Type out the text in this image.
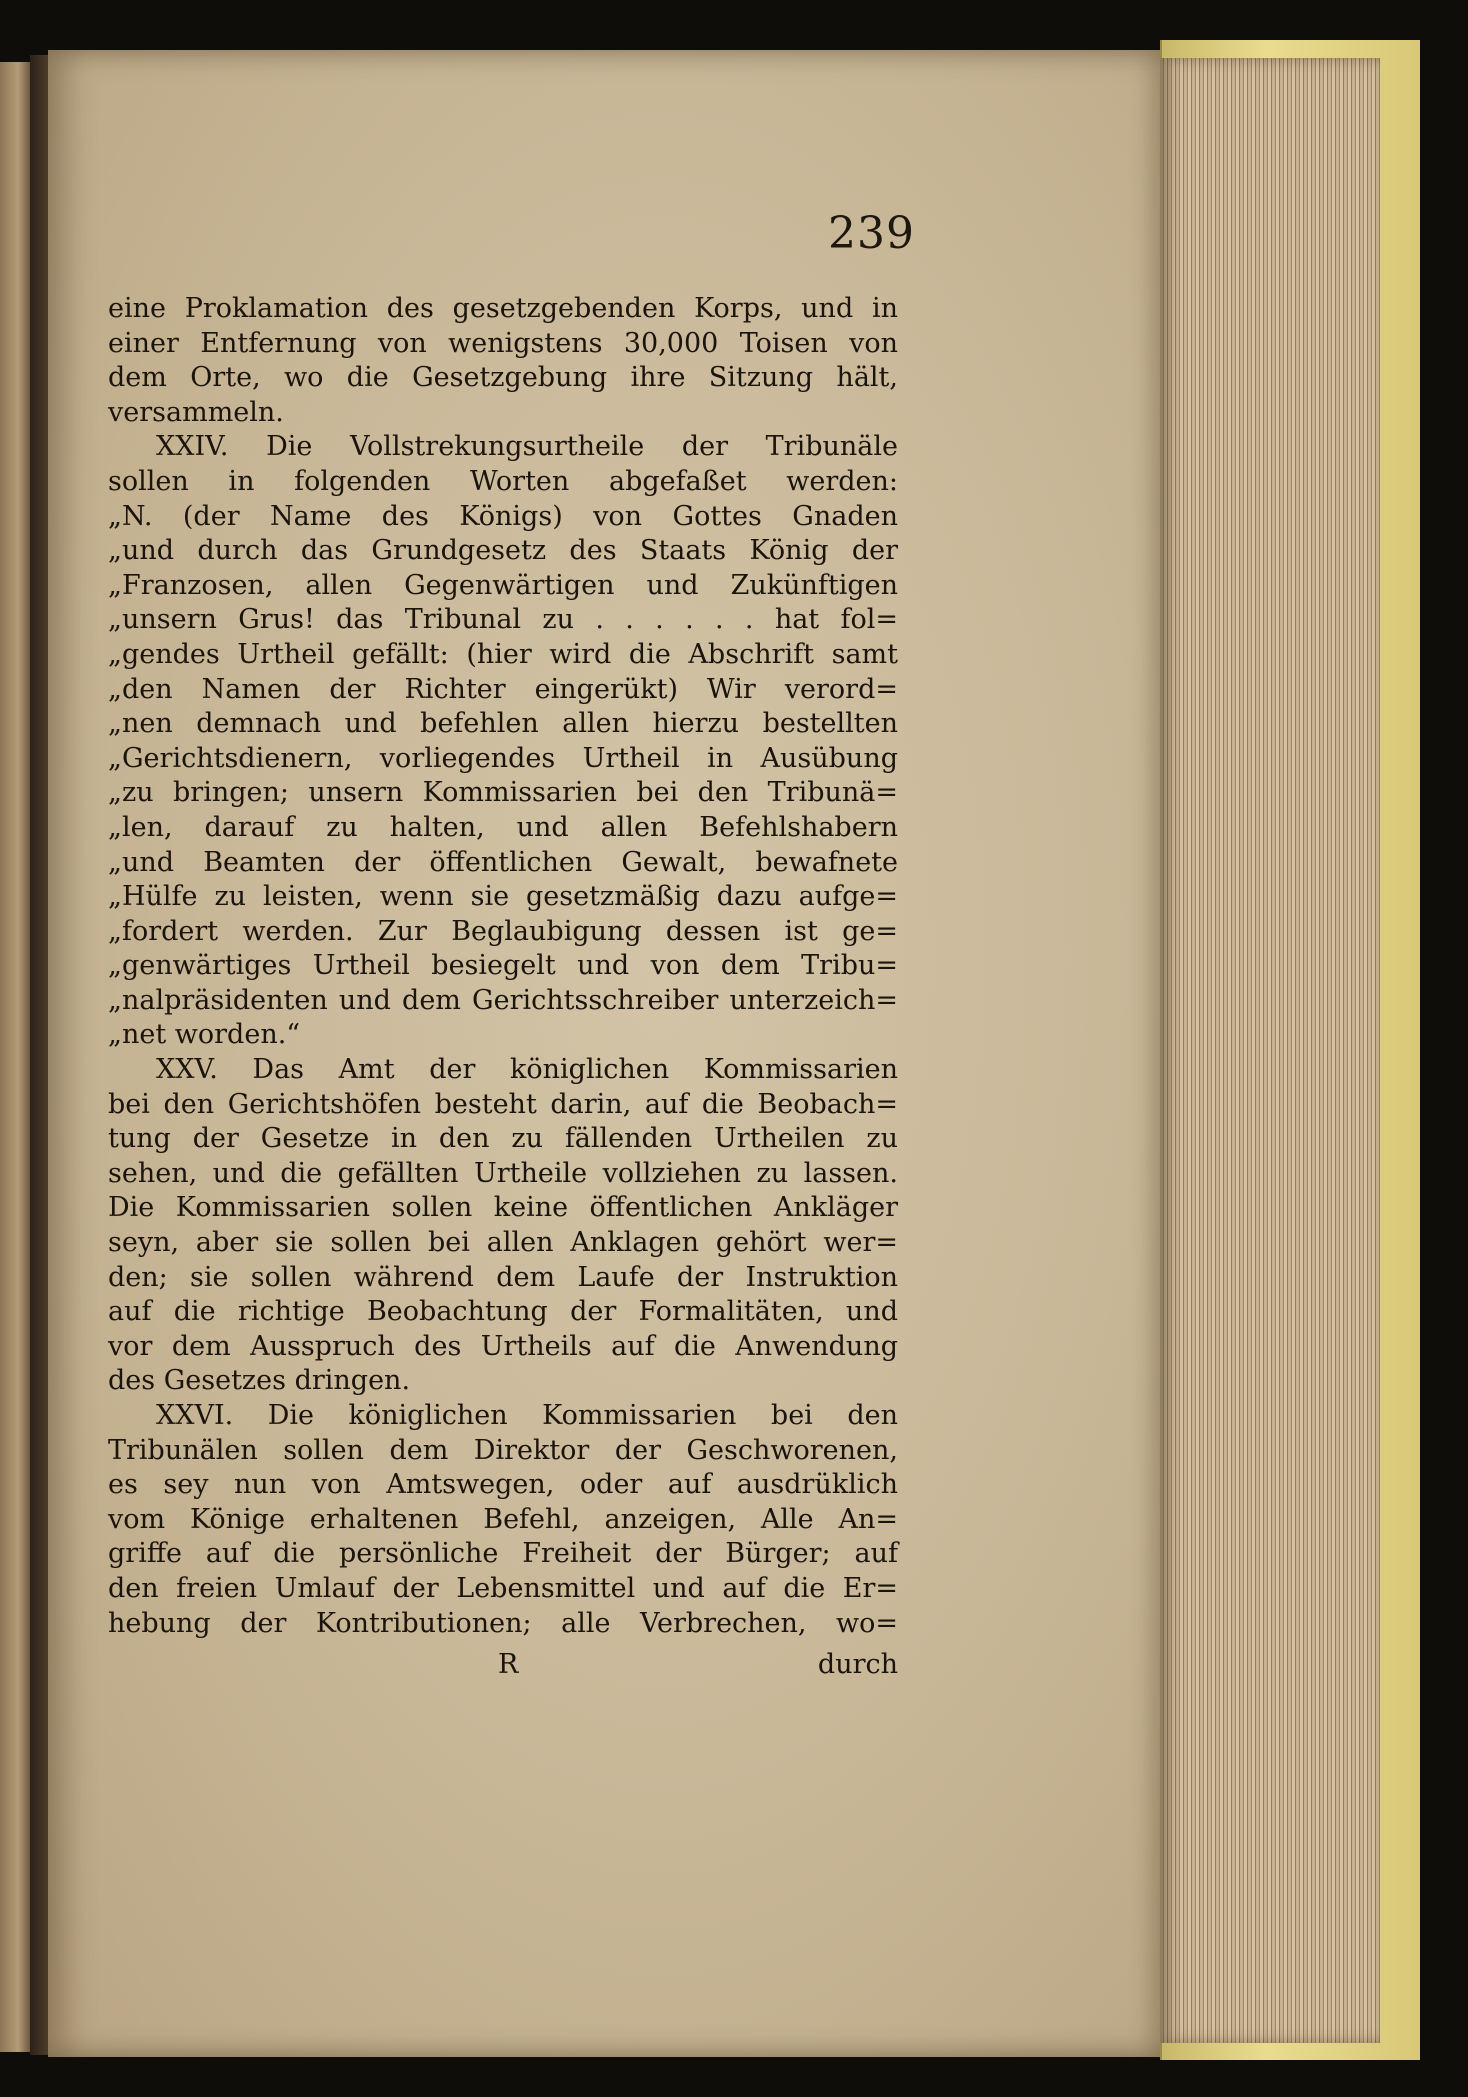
239
eine Proklamation des gesetzgebenden Korps, und in
einer Entfernung von wenigstens 30,000 Toisen von
dem Orte, wo die Gesetzgebung ihre Sitzung hält,
versammeln.
XXIV. Die Vollstrekungsurtheile der Tribunäle
sollen in folgenden Worten abgefaßet werden:
„N. (der Name des Königs) von Gottes Gnaden
„und durch das Grundgesetz des Staats König der
„Franzosen, allen Gegenwärtigen und Zukünftigen
„unsern Grus! das Tribunal zu . . . . . . hat fol=
„gendes Urtheil gefällt: (hier wird die Abschrift samt
„den Namen der Richter eingerükt) Wir verord=
„nen demnach und befehlen allen hierzu bestellten
„Gerichtsdienern, vorliegendes Urtheil in Ausübung
„zu bringen; unsern Kommissarien bei den Tribunä=
„len, darauf zu halten, und allen Befehlshabern
„und Beamten der öffentlichen Gewalt, bewafnete
„Hülfe zu leisten, wenn sie gesetzmäßig dazu aufge=
„fordert werden. Zur Beglaubigung dessen ist ge=
„genwärtiges Urtheil besiegelt und von dem Tribu=
„nalpräsidenten und dem Gerichtsschreiber unterzeich=
„net worden.“
XXV. Das Amt der königlichen Kommissarien
bei den Gerichtshöfen besteht darin, auf die Beobach=
tung der Gesetze in den zu fällenden Urtheilen zu
sehen, und die gefällten Urtheile vollziehen zu lassen.
Die Kommissarien sollen keine öffentlichen Ankläger
seyn, aber sie sollen bei allen Anklagen gehört wer=
den; sie sollen während dem Laufe der Instruktion
auf die richtige Beobachtung der Formalitäten, und
vor dem Ausspruch des Urtheils auf die Anwendung
des Gesetzes dringen.
XXVI. Die königlichen Kommissarien bei den
Tribunälen sollen dem Direktor der Geschworenen,
es sey nun von Amtswegen, oder auf ausdrüklich
vom Könige erhaltenen Befehl, anzeigen, Alle An=
griffe auf die persönliche Freiheit der Bürger; auf
den freien Umlauf der Lebensmittel und auf die Er=
hebung der Kontributionen; alle Verbrechen, wo=
R	durch
